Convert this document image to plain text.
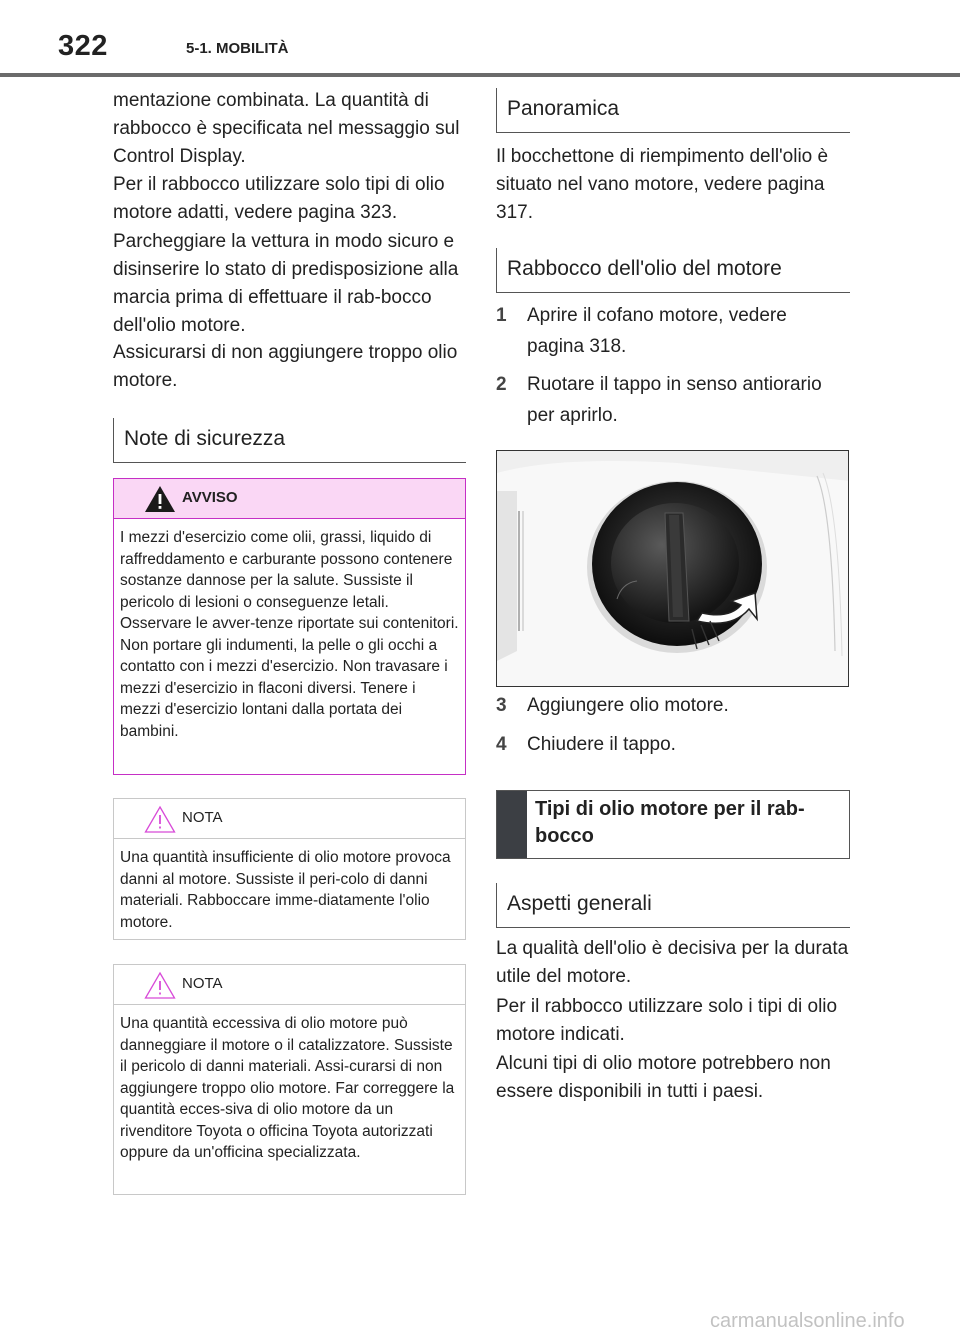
322	5-1. MOBILITÀ

mentazione combinata. La quantità di rabbocco è specificata nel messaggio sul Control Display.

Per il rabbocco utilizzare solo tipi di olio motore adatti, vedere pagina 323.

Parcheggiare la vettura in modo sicuro e disinserire lo stato di predisposizione alla marcia prima di effettuare il rab-bocco dell'olio motore.

Assicurarsi di non aggiungere troppo olio motore.

Note di sicurezza
AVVISO
I mezzi d'esercizio come olii, grassi, liquido di raffreddamento e carburante possono contenere sostanze dannose per la salute. Sussiste il pericolo di lesioni o conseguenze letali. Osservare le avver-tenze riportate sui contenitori. Non portare gli indumenti, la pelle o gli occhi a contatto con i mezzi d'esercizio. Non travasare i mezzi d'esercizio in flaconi diversi. Tenere i mezzi d'esercizio lontani dalla portata dei bambini.
NOTA
Una quantità insufficiente di olio motore provoca danni al motore. Sussiste il peri-colo di danni materiali. Rabboccare imme-diatamente l'olio motore.
NOTA
Una quantità eccessiva di olio motore può danneggiare il motore o il catalizzatore. Sussiste il pericolo di danni materiali. Assi-curarsi di non aggiungere troppo olio motore. Far correggere la quantità ecces-siva di olio motore da un rivenditore Toyota o officina Toyota autorizzati oppure da un'officina specializzata.
Panoramica

Il bocchettone di riempimento dell'olio è situato nel vano motore, vedere pagina 317.

Rabbocco dell'olio del motore
1 Aprire il cofano motore, vedere pagina 318.
2 Ruotare il tappo in senso antiorario per aprirlo.
3 Aggiungere olio motore.
4 Chiudere il tappo.
Tipi di olio motore per il rab-bocco
Aspetti generali

La qualità dell'olio è decisiva per la durata utile del motore.

Per il rabbocco utilizzare solo i tipi di olio motore indicati.

Alcuni tipi di olio motore potrebbero non essere disponibili in tutti i paesi.

carmanualsonline.info
